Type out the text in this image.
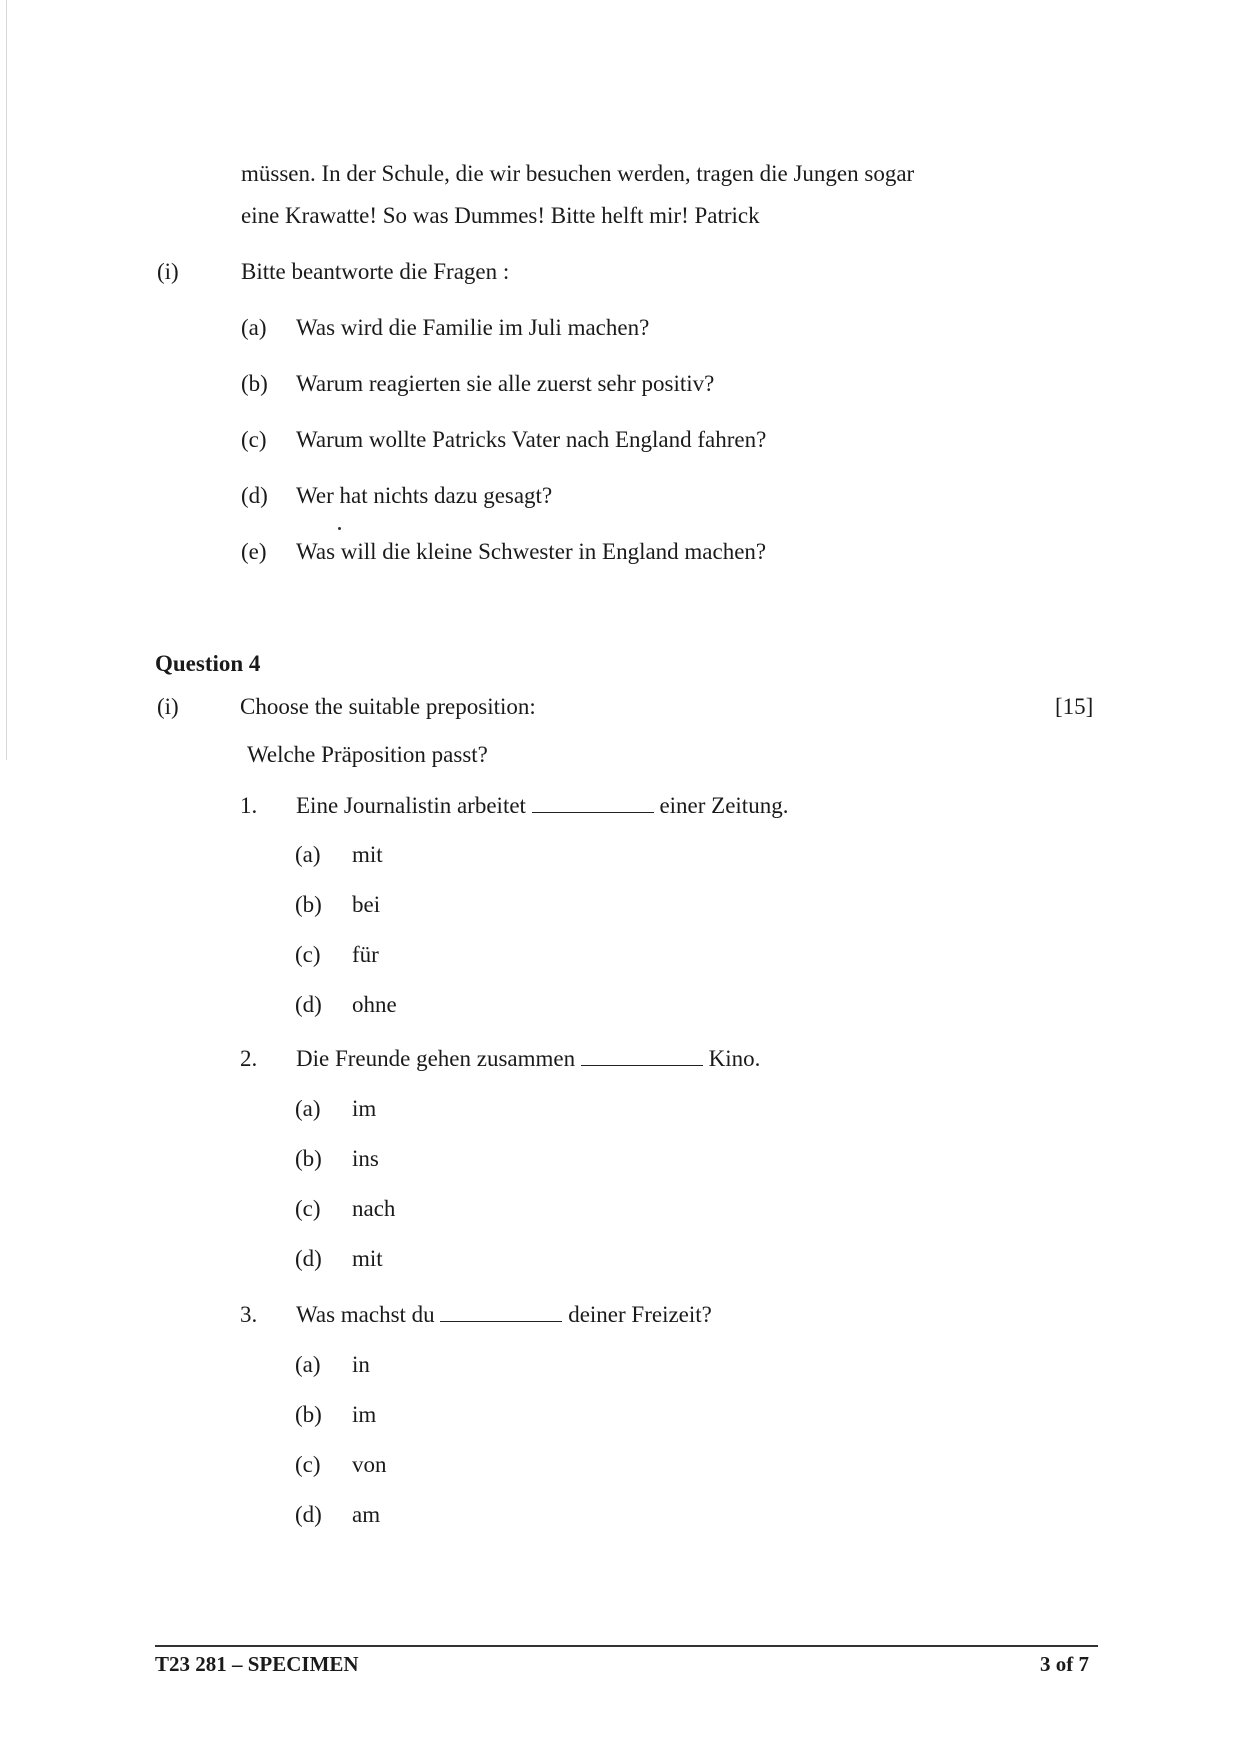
müssen. In der Schule, die wir besuchen werden, tragen die Jungen sogar
eine Krawatte! So was Dummes! Bitte helft mir! Patrick
(i)	Bitte beantworte die Fragen :
(a) Was wird die Familie im Juli machen?
(b) Warum reagierten sie alle zuerst sehr positiv?
(c) Warum wollte Patricks Vater nach England fahren?
(d) Wer hat nichts dazu gesagt?
(e) Was will die kleine Schwester in England machen?
Question 4
(i)	Choose the suitable preposition:	[15]
Welche Präposition passt?
1. Eine Journalistin arbeitet	einer Zeitung.
(a) mit
(b) bei
(c) für
(d) ohne
2. Die Freunde gehen zusammen	Kino.
(a) im
(b) ins
(c) nach
(d) mit
3. Was machst du	deiner Freizeit?
(a) in
(b) im
(c) von
(d) am
T23 281 – SPECIMEN	3 of 7
